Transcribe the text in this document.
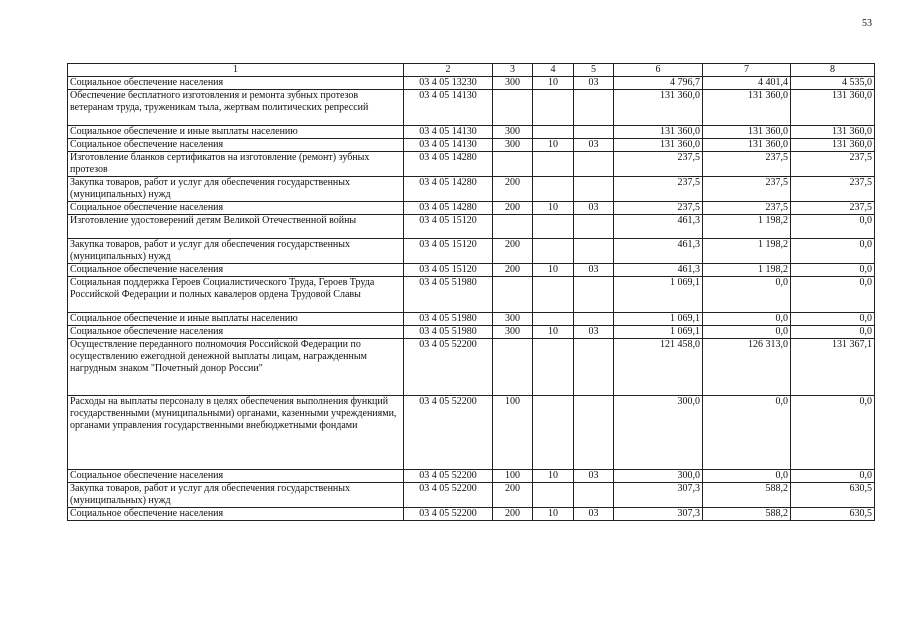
53
1	2	3	4	5	6	7	8
Социальное обеспечение населения	03 4 05 13230	300	10	03	4 796,7	4 401,4	4 535,0
Обеспечение бесплатного изготовления и ремонта зубных протезов ветеранам труда, труженикам тыла, жертвам политических репрессий	03 4 05 14130				131 360,0	131 360,0	131 360,0
Социальное обеспечение и иные выплаты населению	03 4 05 14130	300			131 360,0	131 360,0	131 360,0
Социальное обеспечение населения	03 4 05 14130	300	10	03	131 360,0	131 360,0	131 360,0
Изготовление бланков сертификатов на изготовление (ремонт) зубных протезов	03 4 05 14280				237,5	237,5	237,5
Закупка товаров, работ и услуг для обеспечения государственных (муниципальных) нужд	03 4 05 14280	200			237,5	237,5	237,5
Социальное обеспечение населения	03 4 05 14280	200	10	03	237,5	237,5	237,5
Изготовление удостоверений детям Великой Отечественной войны	03 4 05 15120				461,3	1 198,2	0,0
Закупка товаров, работ и услуг для обеспечения государственных (муниципальных) нужд	03 4 05 15120	200			461,3	1 198,2	0,0
Социальное обеспечение населения	03 4 05 15120	200	10	03	461,3	1 198,2	0,0
Социальная поддержка Героев Социалистического Труда, Героев Труда Российской Федерации и полных кавалеров ордена Трудовой Славы	03 4 05 51980				1 069,1	0,0	0,0
Социальное обеспечение и иные выплаты населению	03 4 05 51980	300			1 069,1	0,0	0,0
Социальное обеспечение населения	03 4 05 51980	300	10	03	1 069,1	0,0	0,0
Осуществление переданного полномочия Российской Федерации по осуществлению ежегодной денежной выплаты лицам, награжденным нагрудным знаком "Почетный донор России"	03 4 05 52200				121 458,0	126 313,0	131 367,1
Расходы на выплаты персоналу в целях обеспечения выполнения функций государственными (муниципальными) органами, казенными учреждениями, органами управления государственными внебюджетными фондами	03 4 05 52200	100			300,0	0,0	0,0
Социальное обеспечение населения	03 4 05 52200	100	10	03	300,0	0,0	0,0
Закупка товаров, работ и услуг для обеспечения государственных (муниципальных) нужд	03 4 05 52200	200			307,3	588,2	630,5
Социальное обеспечение населения	03 4 05 52200	200	10	03	307,3	588,2	630,5
